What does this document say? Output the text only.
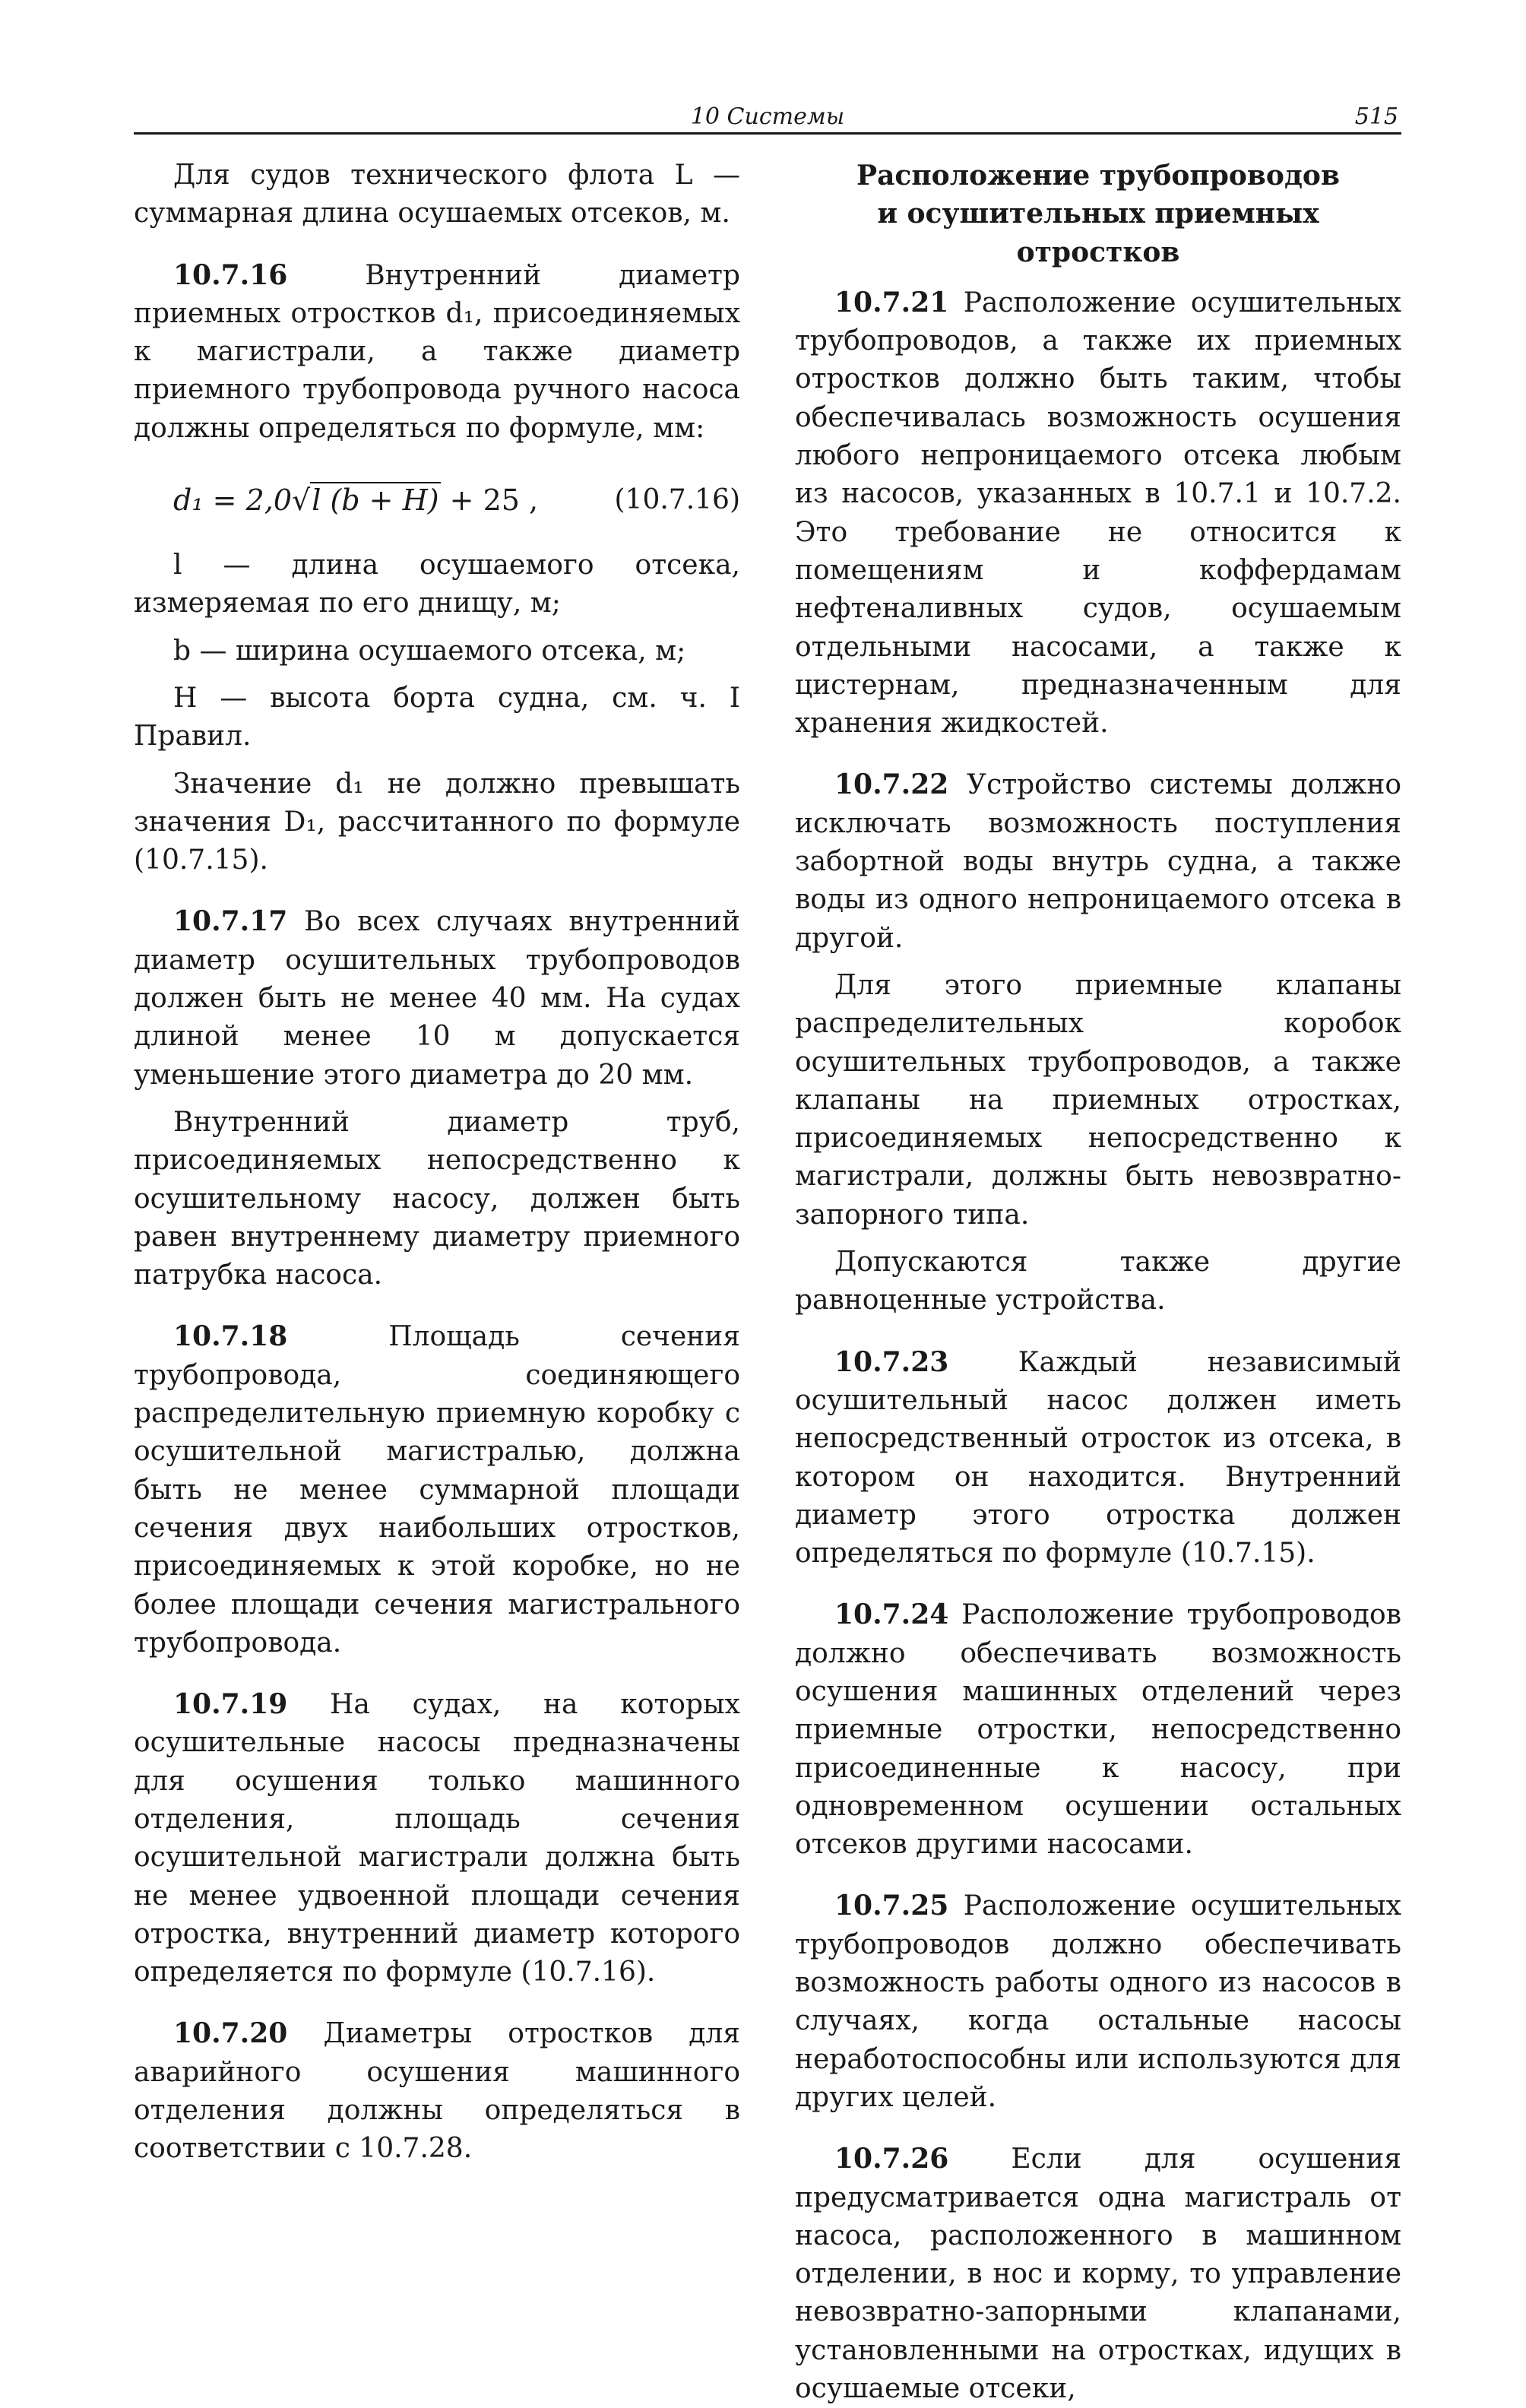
10 Системы	515

Для судов технического флота L — суммарная длина осушаемых отсеков, м.

10.7.16	Внутренний диаметр приемных отростков d₁, присоединяемых к магистрали, а также диаметр приемного трубопровода ручного насоса должны определяться по формуле, мм:

d₁ = 2,0√l (b + H) + 25 ,	(10.7.16)

l — длина осушаемого отсека, измеряемая по его днищу, м;

b — ширина осушаемого отсека, м;

H — высота борта судна, см. ч. I Правил.

Значение d₁ не должно превышать значения D₁, рассчитанного по формуле (10.7.15).

10.7.17 Во всех случаях внутренний диаметр осушительных трубопроводов должен быть не менее 40 мм. На судах длиной менее 10 м допускается уменьшение этого диаметра до 20 мм.

Внутренний диаметр труб, присоединяемых непосредственно к осушительному насосу, должен быть равен внутреннему диаметру приемного патрубка насоса.

10.7.18	Площадь сечения трубопровода, соединяющего распределительную приемную коробку с осушительной магистралью, должна быть не менее суммарной площади сечения двух наибольших отростков, присоединяемых к этой коробке, но не более площади сечения магистрального трубопровода.

10.7.19 На судах, на которых осушительные насосы предназначены для осушения только машинного отделения, площадь сечения осушительной магистрали должна быть не менее удвоенной площади сечения отростка, внутренний диаметр которого определяется по формуле (10.7.16).

10.7.20 Диаметры отростков для аварийного осушения машинного отделения должны определяться в соответствии с 10.7.28.

Расположение трубопроводов
и осушительных приемных отростков

10.7.21 Расположение осушительных трубопроводов, а также их приемных отростков должно быть таким, чтобы обеспечивалась возможность осушения любого непроницаемого отсека любым из насосов, указанных в 10.7.1 и 10.7.2. Это требование не относится к помещениям и коффердамам нефтеналивных судов, осушаемым отдельными насосами, а также к цистернам, предназначенным для хранения жидкостей.

10.7.22 Устройство системы должно исключать возможность поступления забортной воды внутрь судна, а также воды из одного непроницаемого отсека в другой.

Для этого приемные клапаны распределительных коробок осушительных трубопроводов, а также клапаны на приемных отростках, присоединяемых непосредственно к магистрали, должны быть невозвратно-запорного типа.

Допускаются также другие равноценные устройства.

10.7.23	Каждый независимый осушительный насос должен иметь непосредственный отросток из отсека, в котором он находится. Внутренний диаметр этого отростка должен определяться по формуле (10.7.15).

10.7.24 Расположение трубопроводов должно обеспечивать возможность осушения машинных отделений через приемные отростки, непосредственно присоединенные к насосу, при одновременном осушении остальных отсеков другими насосами.

10.7.25 Расположение осушительных трубопроводов должно обеспечивать возможность работы одного из насосов в случаях, когда остальные насосы неработоспособны или используются для других целей.

10.7.26 Если для осушения предусматривается одна магистраль от насоса, расположенного в машинном отделении, в нос и корму, то управление невозвратно-запорными клапанами, установленными на отростках, идущих в осушаемые отсеки,
